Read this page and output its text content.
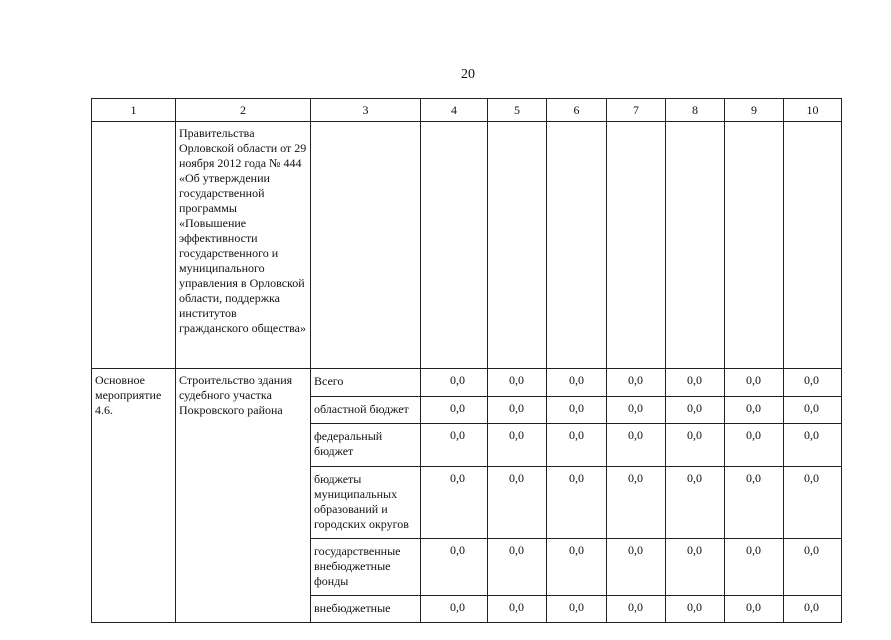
20
1	2	3	4	5	6	7	8	9	10
	Правительства Орловской области от 29 ноября 2012 года № 444 «Об утверждении государственной программы «Повышение эффективности государственного и муниципального управления в Орловской области, поддержка институтов гражданского общества»								
Основное мероприятие 4.6.	Строительство здания судебного участка Покровского района	Всего	0,0	0,0	0,0	0,0	0,0	0,0	0,0
		областной бюджет	0,0	0,0	0,0	0,0	0,0	0,0	0,0
		федеральный бюджет	0,0	0,0	0,0	0,0	0,0	0,0	0,0
		бюджеты муниципальных образований и городских округов	0,0	0,0	0,0	0,0	0,0	0,0	0,0
		государственные внебюджетные фонды	0,0	0,0	0,0	0,0	0,0	0,0	0,0
		внебюджетные	0,0	0,0	0,0	0,0	0,0	0,0	0,0
